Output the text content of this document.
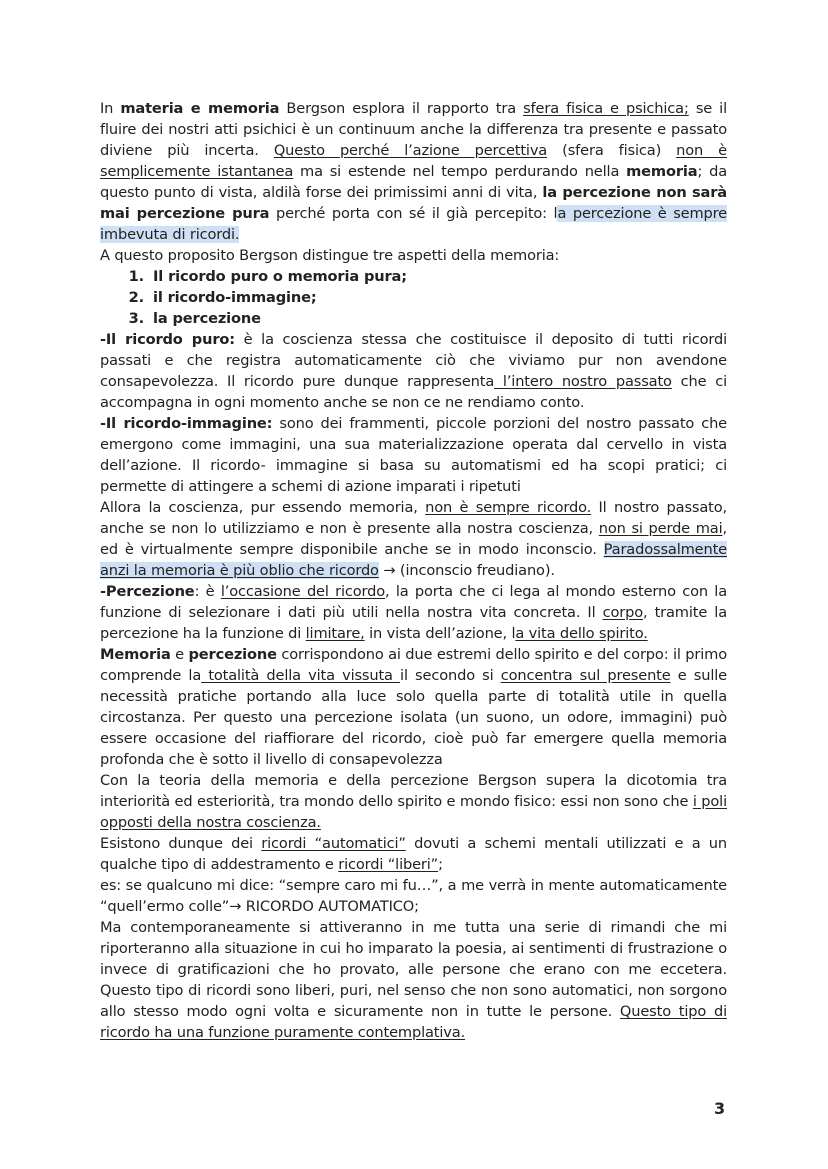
In materia e memoria Bergson esplora il rapporto tra sfera fisica e psichica; se il fluire dei nostri atti psichici è un continuum anche la differenza tra presente e passato diviene più incerta. Questo perché l’azione percettiva (sfera fisica) non è semplicemente istantanea ma si estende nel tempo perdurando nella memoria; da questo punto di vista, aldilà forse dei primissimi anni di vita, la percezione non sarà mai percezione pura perché porta con sé il già percepito: la percezione è sempre imbevuta di ricordi.

A questo proposito Bergson distingue tre aspetti della memoria:

1. Il ricordo puro o memoria pura;
2. il ricordo-immagine;
3. la percezione

-Il ricordo puro: è la coscienza stessa che costituisce il deposito di tutti ricordi passati e che registra automaticamente ciò che viviamo pur non avendone consapevolezza. Il ricordo pure dunque rappresenta l’intero nostro passato che ci accompagna in ogni momento anche se non ce ne rendiamo conto.

-Il ricordo-immagine: sono dei frammenti, piccole porzioni del nostro passato che emergono come immagini, una sua materializzazione operata dal cervello in vista dell’azione. Il ricordo- immagine si basa su automatismi ed ha scopi pratici; ci permette di attingere a schemi di azione imparati i ripetuti

Allora la coscienza, pur essendo memoria, non è sempre ricordo. Il nostro passato, anche se non lo utilizziamo e non è presente alla nostra coscienza, non si perde mai, ed è virtualmente sempre disponibile anche se in modo inconscio. Paradossalmente anzi la memoria è più oblio che ricordo → (inconscio freudiano).

-Percezione: è l’occasione del ricordo, la porta che ci lega al mondo esterno con la funzione di selezionare i dati più utili nella nostra vita concreta. Il corpo, tramite la percezione ha la funzione di limitare, in vista dell’azione, la vita dello spirito.

Memoria e percezione corrispondono ai due estremi dello spirito e del corpo: il primo comprende la totalità della vita vissuta il secondo si concentra sul presente e sulle necessità pratiche portando alla luce solo quella parte di totalità utile in quella circostanza. Per questo una percezione isolata (un suono, un odore, immagini) può essere occasione del riaffiorare del ricordo, cioè può far emergere quella memoria profonda che è sotto il livello di consapevolezza

Con la teoria della memoria e della percezione Bergson supera la dicotomia tra interiorità ed esteriorità, tra mondo dello spirito e mondo fisico: essi non sono che i poli opposti della nostra coscienza.

Esistono dunque dei ricordi “automatici” dovuti a schemi mentali utilizzati e a un qualche tipo di addestramento e ricordi “liberi”;

es: se qualcuno mi dice: “sempre caro mi fu…”, a me verrà in mente automaticamente “quell’ermo colle”→ RICORDO AUTOMATICO;

Ma contemporaneamente si attiveranno in me tutta una serie di rimandi che mi riporteranno alla situazione in cui ho imparato la poesia, ai sentimenti di frustrazione o invece di gratificazioni che ho provato, alle persone che erano con me eccetera. Questo tipo di ricordi sono liberi, puri, nel senso che non sono automatici, non sorgono allo stesso modo ogni volta e sicuramente non in tutte le persone. Questo tipo di ricordo ha una funzione puramente contemplativa.

3
